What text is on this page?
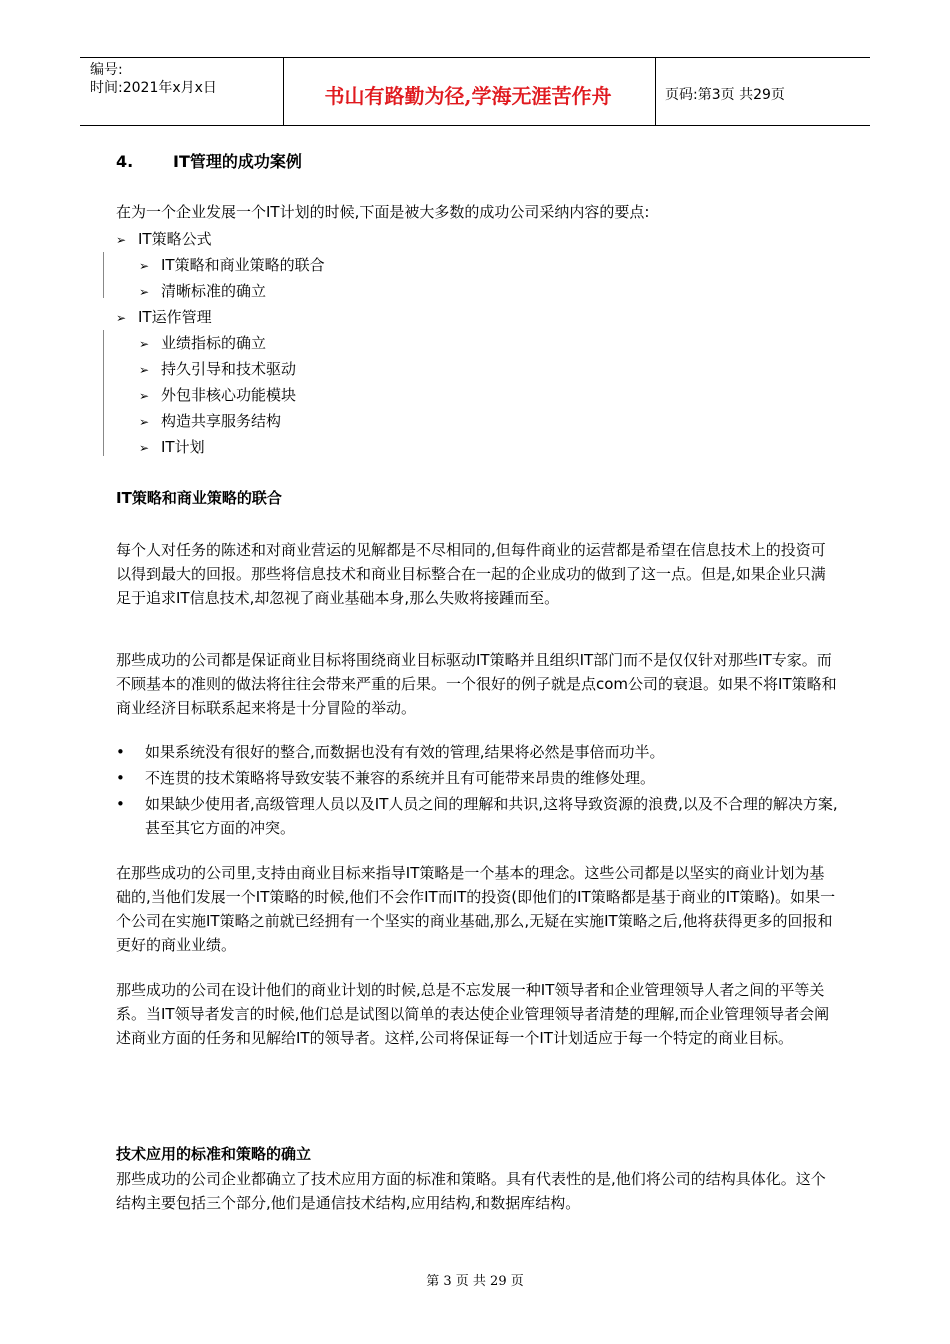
编号:
时间:2021年x月x日	书山有路勤为径,学海无涯苦作舟	页码:第3页 共29页
4. IT管理的成功案例

在为一个企业发展一个IT计划的时候,下面是被大多数的成功公司采纳内容的要点:

➢ IT策略公式
➢ IT策略和商业策略的联合
➢ 清晰标准的确立
➢ IT运作管理
➢ 业绩指标的确立
➢ 持久引导和技术驱动
➢ 外包非核心功能模块
➢ 构造共享服务结构
➢ IT计划
IT策略和商业策略的联合

每个人对任务的陈述和对商业营运的见解都是不尽相同的,但每件商业的运营都是希望在信息技术上的投资可以得到最大的回报。那些将信息技术和商业目标整合在一起的企业成功的做到了这一点。但是,如果企业只满足于追求IT信息技术,却忽视了商业基础本身,那么失败将接踵而至。

那些成功的公司都是保证商业目标将围绕商业目标驱动IT策略并且组织IT部门而不是仅仅针对那些IT专家。而不顾基本的准则的做法将往往会带来严重的后果。一个很好的例子就是点com公司的衰退。如果不将IT策略和商业经济目标联系起来将是十分冒险的举动。

• 如果系统没有很好的整合,而数据也没有有效的管理,结果将必然是事倍而功半。
• 不连贯的技术策略将导致安装不兼容的系统并且有可能带来昂贵的维修处理。
• 如果缺少使用者,高级管理人员以及IT人员之间的理解和共识,这将导致资源的浪费,以及不合理的解决方案,甚至其它方面的冲突。

在那些成功的公司里,支持由商业目标来指导IT策略是一个基本的理念。这些公司都是以坚实的商业计划为基础的,当他们发展一个IT策略的时候,他们不会作IT而IT的投资(即他们的IT策略都是基于商业的IT策略)。如果一个公司在实施IT策略之前就已经拥有一个坚实的商业基础,那么,无疑在实施IT策略之后,他将获得更多的回报和更好的商业业绩。

那些成功的公司在设计他们的商业计划的时候,总是不忘发展一种IT领导者和企业管理领导人者之间的平等关系。当IT领导者发言的时候,他们总是试图以简单的表达使企业管理领导者清楚的理解,而企业管理领导者会阐述商业方面的任务和见解给IT的领导者。这样,公司将保证每一个IT计划适应于每一个特定的商业目标。

技术应用的标准和策略的确立

那些成功的公司企业都确立了技术应用方面的标准和策略。具有代表性的是,他们将公司的结构具体化。这个结构主要包括三个部分,他们是通信技术结构,应用结构,和数据库结构。

第 3 页 共 29 页
